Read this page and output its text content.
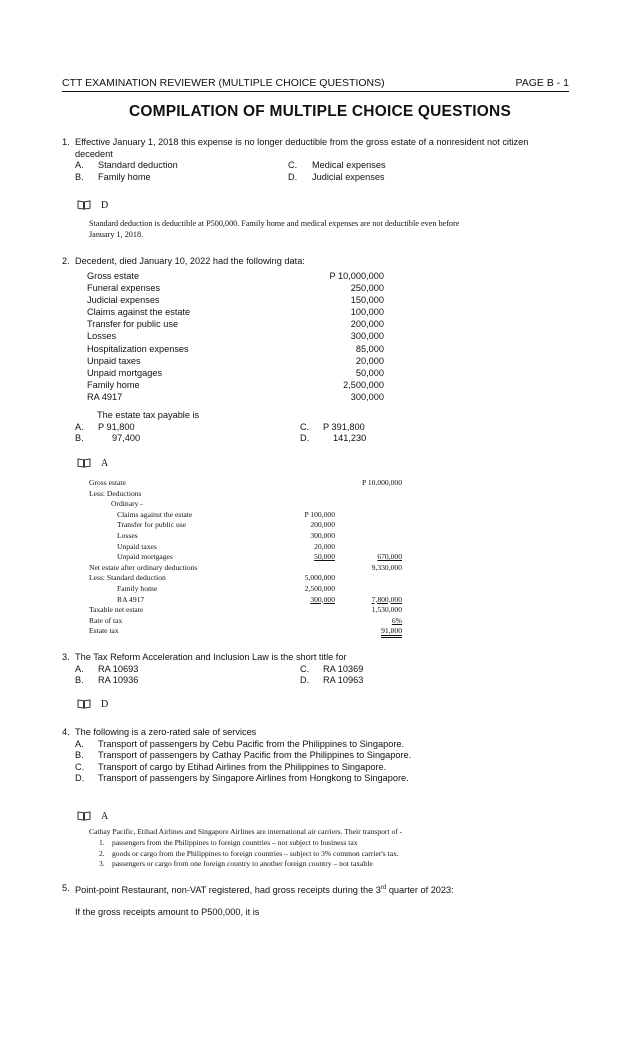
CTT EXAMINATION REVIEWER (MULTIPLE CHOICE QUESTIONS)	PAGE B - 1
COMPILATION OF MULTIPLE CHOICE QUESTIONS
1. Effective January 1, 2018 this expense is no longer deductible from the gross estate of a nonresident not citizen
decedent
A. Standard deduction
B. Family home
C. Medical expenses
D. Judicial expenses
D
Standard deduction is deductible at P500,000. Family home and medical expenses are not deductible even before
January 1, 2018.
2. Decedent, died January 10, 2022 had the following data:
Gross estate	P 10,000,000
Funeral expenses	250,000
Judicial expenses	150,000
Claims against the estate	100,000
Transfer for public use	200,000
Losses	300,000
Hospitalization expenses	85,000
Unpaid taxes	20,000
Unpaid mortgages	50,000
Family home	2,500,000
RA 4917	300,000
The estate tax payable is
A. P 91,800
B.	97,400
C. P 391,800
D.	141,230
A
Gross estate	P 10,000,000
Less: Deductions
Ordinary -
Claims against the estate	P 100,000
Transfer for public use	200,000
Losses	300,000
Unpaid taxes	20,000
Unpaid mortgages	50,000	670,000
Net estate after ordinary deductions	9,330,000
Less: Standard deduction	5,000,000
Family home	2,500,000
RA 4917	300,000	7,800,000
Taxable net estate	1,530,000
Rate of tax	6%
Estate tax	91,800
3. The Tax Reform Acceleration and Inclusion Law is the short title for
A. RA 10693
B. RA 10936
C. RA 10369
D. RA 10963
D
4. The following is a zero-rated sale of services
A. Transport of passengers by Cebu Pacific from the Philippines to Singapore.
B. Transport of passengers by Cathay Pacific from the Philippines to Singapore.
C. Transport of cargo by Etihad Airlines from the Philippines to Singapore.
D. Transport of passengers by Singapore Airlines from Hongkong to Singapore.
A
Cathay Pacific, Etihad Airlines and Singapore Airlines are international air carriers. Their transport of -
1. passengers from the Philippines to foreign countries – not subject to business tax
2. goods or cargo from the Philippines to foreign countries – subject to 3% common carrier's tax.
3. passengers or cargo from one foreign country to another foreign country – not taxable
5. Point-point Restaurant, non-VAT registered, had gross receipts during the 3rd quarter of 2023:
If the gross receipts amount to P500,000, it is
